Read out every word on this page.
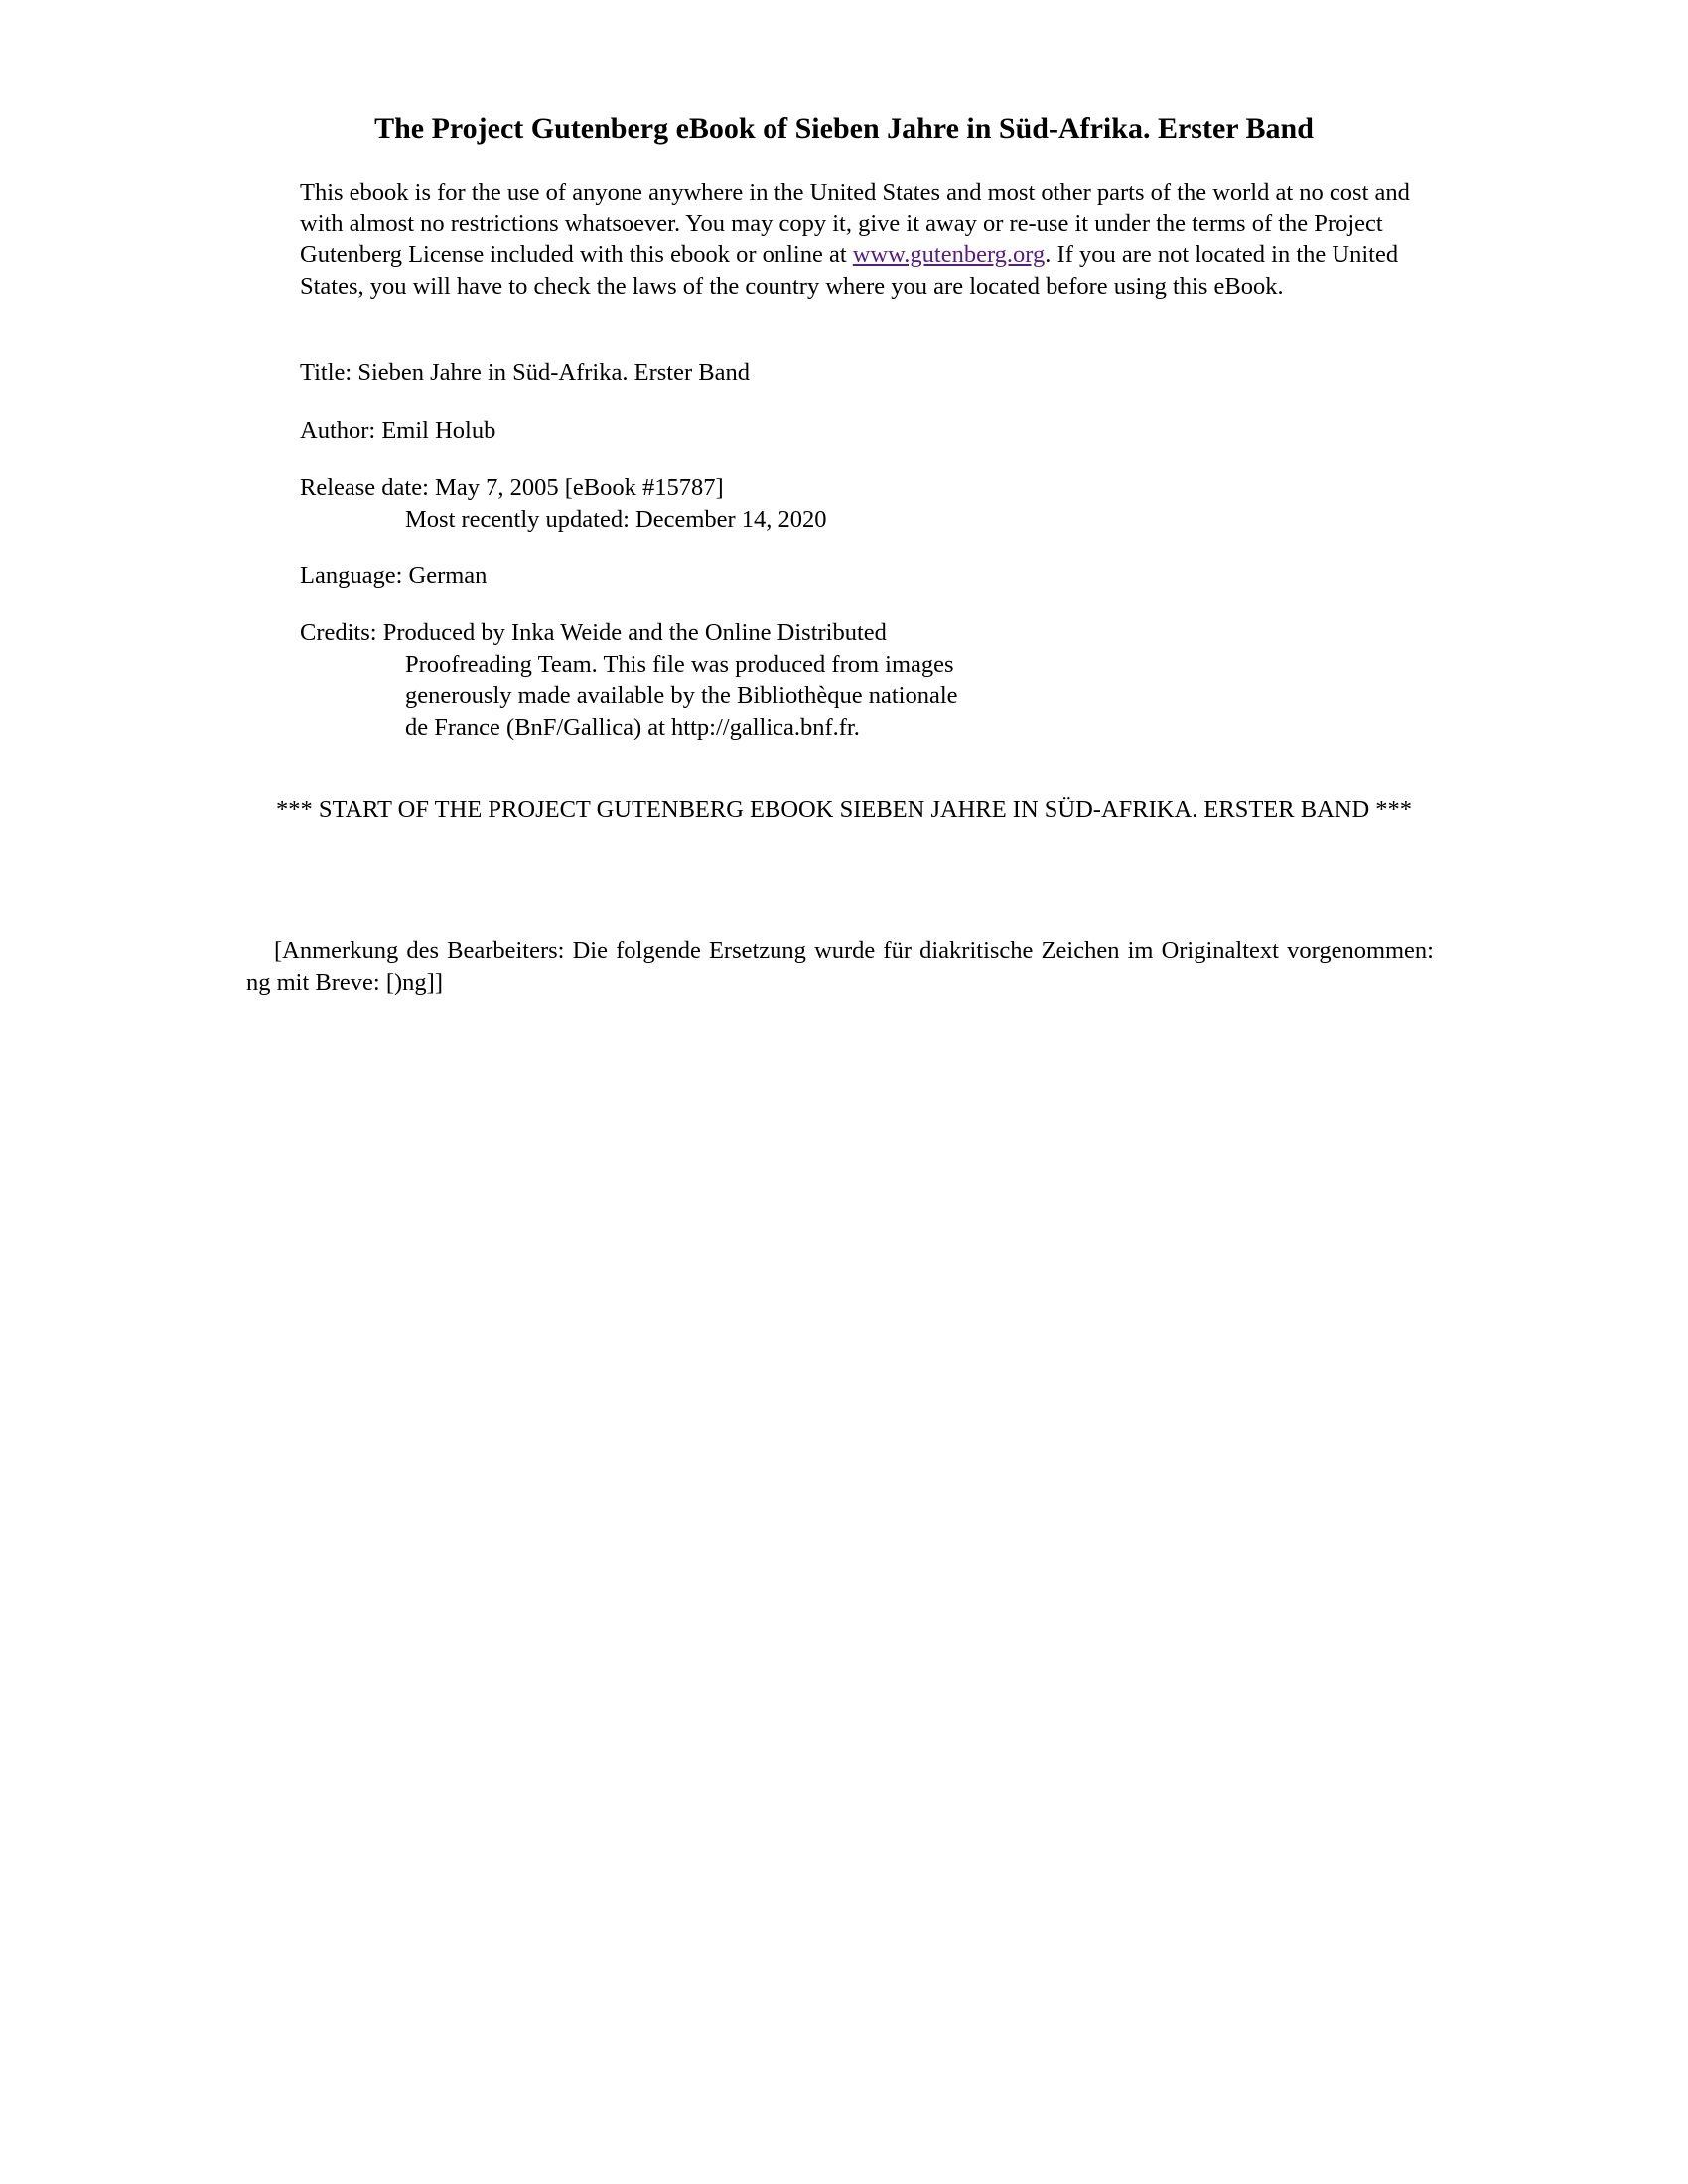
The Project Gutenberg eBook of Sieben Jahre in Süd-Afrika. Erster Band

This ebook is for the use of anyone anywhere in the United States and most other parts of the world at no cost and with almost no restrictions whatsoever. You may copy it, give it away or re-use it under the terms of the Project Gutenberg License included with this ebook or online at www.gutenberg.org. If you are not located in the United States, you will have to check the laws of the country where you are located before using this eBook.

Title: Sieben Jahre in Süd-Afrika. Erster Band

Author: Emil Holub

Release date: May 7, 2005 [eBook #15787]
Most recently updated: December 14, 2020

Language: German

Credits: Produced by Inka Weide and the Online Distributed
Proofreading Team. This file was produced from images
generously made available by the Bibliothèque nationale
de France (BnF/Gallica) at http://gallica.bnf.fr.

*** START OF THE PROJECT GUTENBERG EBOOK SIEBEN JAHRE IN SÜD-AFRIKA. ERSTER BAND ***

[Anmerkung des Bearbeiters: Die folgende Ersetzung wurde für diakritische Zeichen im Originaltext vorgenommen: ng mit Breve: [)ng]]
